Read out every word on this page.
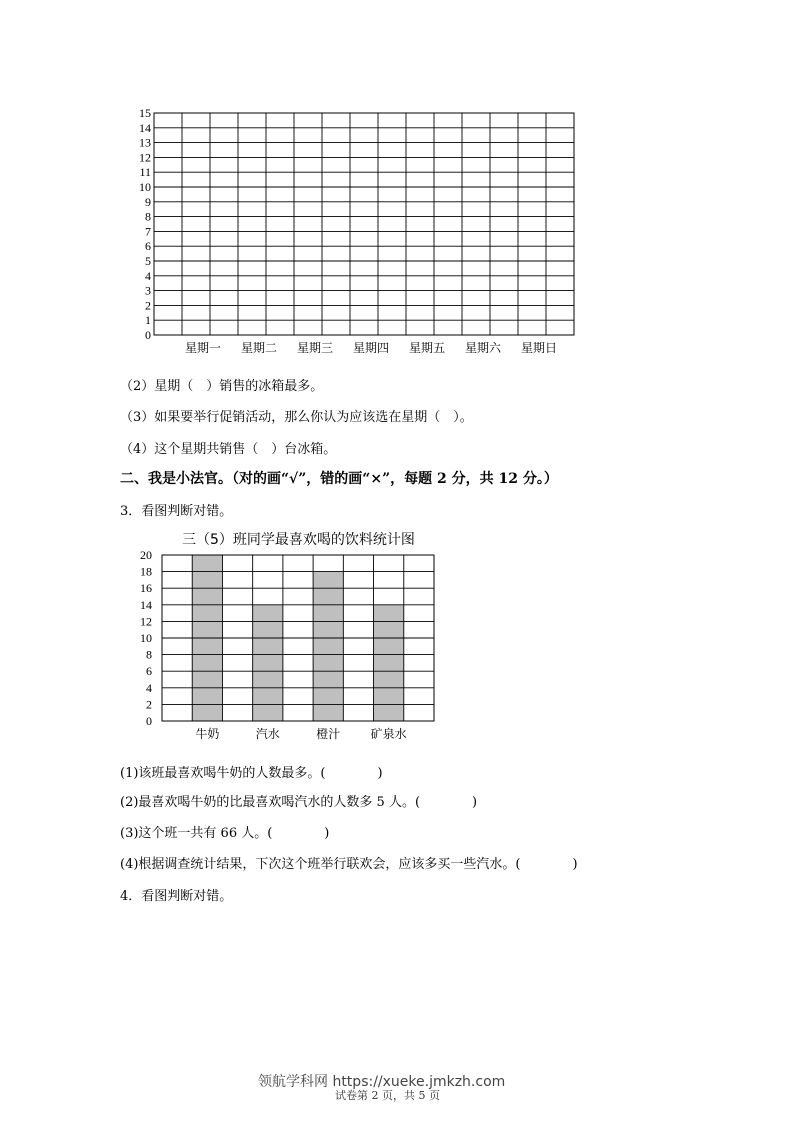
0
1
2
3
4
5
6
7
8
9
10
11
12
13
14
15
星期一 星期二 星期三 星期四 星期五 星期六 星期日
（2）星期（　）销售的冰箱最多。
（3）如果要举行促销活动，那么你认为应该选在星期（　）。
（4）这个星期共销售（　）台冰箱。
二、我是小法官。（对的画“√”，错的画“×”，每题 2 分，共 12 分。）
3．看图判断对错。
三（5）班同学最喜欢喝的饮料统计图
0
2
4
6
8
10
12
14
16
18
20
牛奶	汽水	橙汁	矿泉水
(1)该班最喜欢喝牛奶的人数最多。(　　　　)
(2)最喜欢喝牛奶的比最喜欢喝汽水的人数多 5 人。(　　　　)
(3)这个班一共有 66 人。(　　　　)
(4)根据调查统计结果，下次这个班举行联欢会，应该多买一些汽水。(　　　　)
4．看图判断对错。
领航学科网 https://xueke.jmkzh.com
试卷第 2 页，共 5 页
